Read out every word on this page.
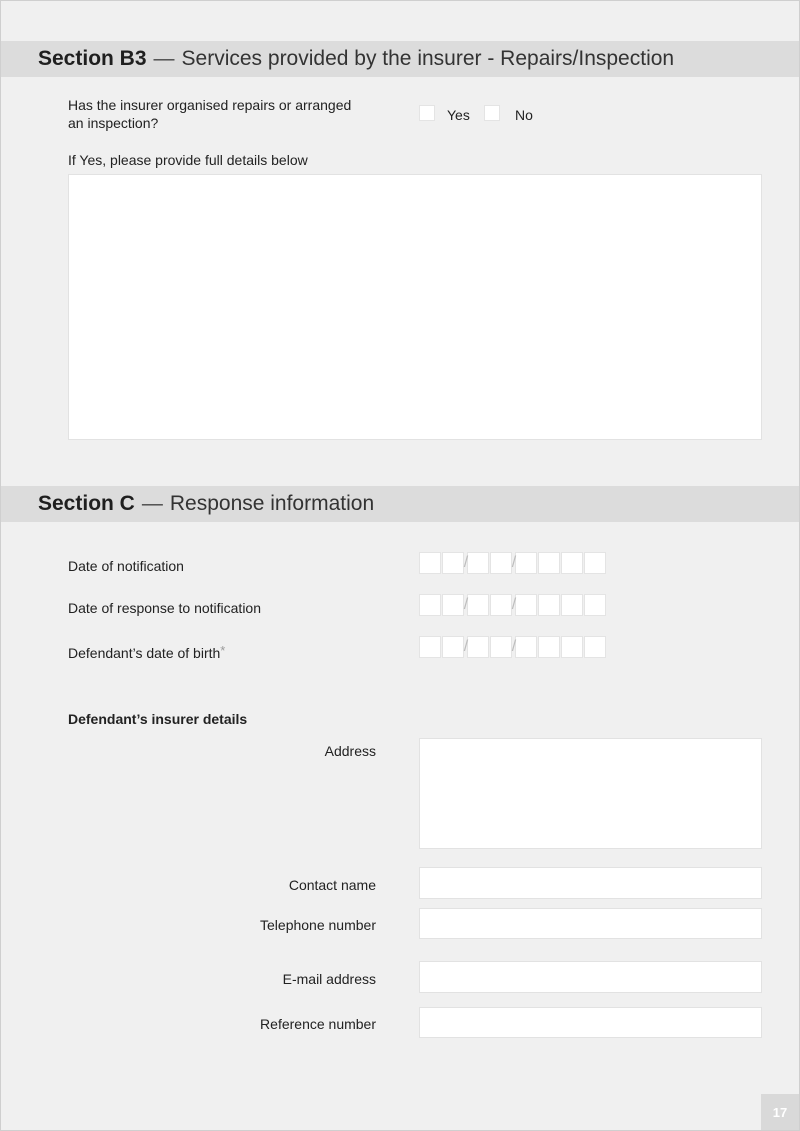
Section B3 — Services provided by the insurer - Repairs/Inspection
Has the insurer organised repairs or arranged
an inspection?	Yes	No
If Yes, please provide full details below
Section C — Response information
Date of notification	/	/
Date of response to notification	/	/
Defendant’s date of birth*	/	/
Defendant’s insurer details
Address
Contact name
Telephone number
E-mail address
Reference number
17
